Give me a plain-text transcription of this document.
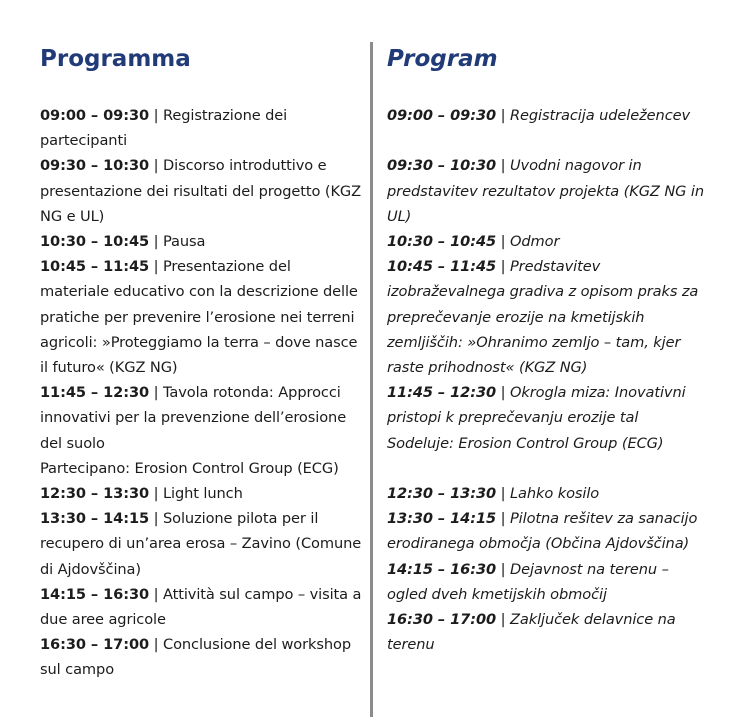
Programma

09:00 – 09:30 | Registrazione dei partecipanti

09:30 – 10:30 | Discorso introduttivo e presentazione dei risultati del progetto (KGZ NG e UL)

10:30 – 10:45 | Pausa

10:45 – 11:45 | Presentazione del materiale educativo con la descrizione delle pratiche per prevenire l’erosione nei terreni agricoli: »Proteggiamo la terra – dove nasce il futuro« (KGZ NG)

11:45 – 12:30 | Tavola rotonda: Approcci innovativi per la prevenzione dell’erosione del suolo

Partecipano: Erosion Control Group (ECG)

12:30 – 13:30 | Light lunch

13:30 – 14:15 | Soluzione pilota per il recupero di un’area erosa – Zavino (Comune di Ajdovščina)

14:15 – 16:30 | Attività sul campo – visita a due aree agricole

16:30 – 17:00 | Conclusione del workshop sul campo

Program

09:00 – 09:30 | Registracija udeležencev

09:30 – 10:30 | Uvodni nagovor in predstavitev rezultatov projekta (KGZ NG in UL)

10:30 – 10:45 | Odmor

10:45 – 11:45 | Predstavitev izobraževalnega gradiva z opisom praks za preprečevanje erozije na kmetijskih zemljiščih: »Ohranimo zemljo – tam, kjer raste prihodnost« (KGZ NG)

11:45 – 12:30 | Okrogla miza: Inovativni pristopi k preprečevanju erozije tal

Sodeluje: Erosion Control Group (ECG)

12:30 – 13:30 | Lahko kosilo

13:30 – 14:15 | Pilotna rešitev za sanacijo erodiranega območja (Občina Ajdovščina)

14:15 – 16:30 | Dejavnost na terenu – ogled dveh kmetijskih območij

16:30 – 17:00 | Zaključek delavnice na terenu
